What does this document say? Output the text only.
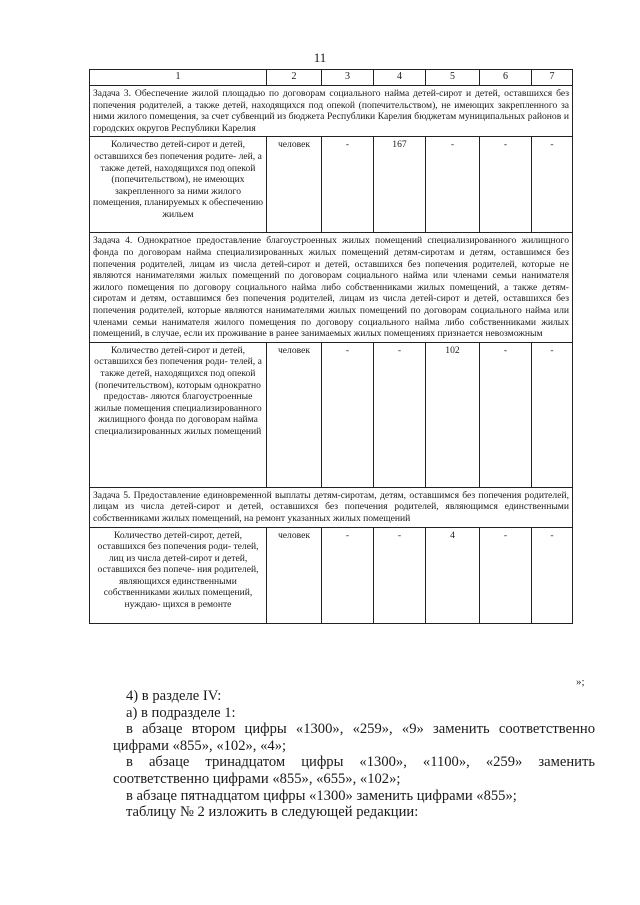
11
1	2	3	4	5	6	7
Задача 3. Обеспечение жилой площадью по договорам социального найма детей-сирот и детей, оставшихся без попечения родителей, а также детей, находящихся под опекой (попечительством), не имеющих закрепленного за ними жилого помещения, за счет субвенций из бюджета Республики Карелия бюджетам муниципальных районов и городских округов Республики Карелия						
Количество детей-сирот и детей, оставшихся без попечения родите- лей, а также детей, находящихся под опекой (попечительством), не имеющих закрепленного за ними жилого помещения, планируемых к обеспечению жильем	человек	-	167	-	-	-
Задача 4. Однократное предоставление благоустроенных жилых помещений специализированного жилищного фонда по договорам найма специализированных жилых помещений детям-сиротам и детям, оставшимся без попечения родителей, лицам из числа детей-сирот и детей, оставшихся без попечения родителей, которые не являются нанимателями жилых помещений по договорам социального найма или членами семьи нанимателя жилого помещения по договору социального найма либо собственниками жилых помещений, а также детям-сиротам и детям, оставшимся без попечения родителей, лицам из числа детей-сирот и детей, оставшихся без попечения родителей, которые являются нанимателями жилых помещений по договорам социального найма или членами семьи нанимателя жилого помещения по договору социального найма либо собственниками жилых помещений, в случае, если их проживание в ранее занимаемых жилых помещениях признается невозможным						
Количество детей-сирот и детей, оставшихся без попечения роди- телей, а также детей, находящихся под опекой (попечительством), которым однократно предостав- ляются благоустроенные жилые помещения специализированного жилищного фонда по договорам найма специализированных жилых помещений	человек	-	-	102	-	-
Задача 5. Предоставление единовременной выплаты детям-сиротам, детям, оставшимся без попечения родителей, лицам из числа детей-сирот и детей, оставшихся без попечения родителей, являющимся единственными собственниками жилых помещений, на ремонт указанных жилых помещений						
Количество детей-сирот, детей, оставшихся без попечения роди- телей, лиц из числа детей-сирот и детей, оставшихся без попече- ния родителей, являющихся единственными собственниками жилых помещений, нуждаю- щихся в ремонте	человек	-	-	4	-	-
»;

4) в разделе IV:

а) в подразделе 1:

в абзаце втором цифры «1300», «259», «9» заменить соответственно

цифрами «855», «102», «4»;

в абзаце тринадцатом цифры «1300», «1100», «259» заменить

соответственно цифрами «855», «655», «102»;

в абзаце пятнадцатом цифры «1300» заменить цифрами «855»;

таблицу № 2 изложить в следующей редакции:
